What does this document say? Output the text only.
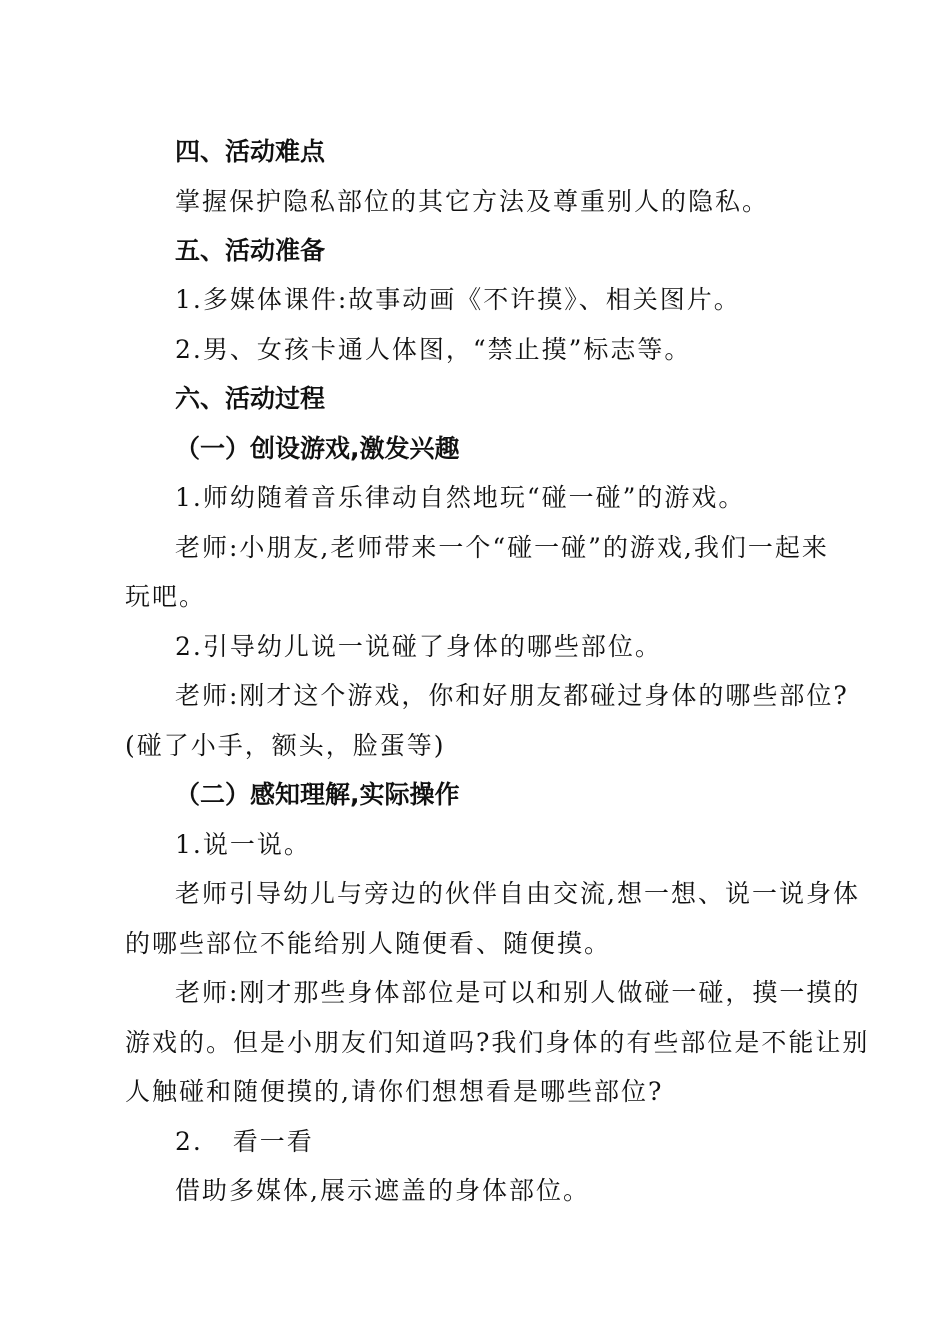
四、活动难点
掌握保护隐私部位的其它方法及尊重别人的隐私。
五、活动准备
1.多媒体课件:故事动画《不许摸》、相关图片。
2.男、女孩卡通人体图，“禁止摸”标志等。
六、活动过程
（一）创设游戏,激发兴趣
1.师幼随着音乐律动自然地玩“碰一碰”的游戏。
老师:小朋友,老师带来一个“碰一碰”的游戏,我们一起来
玩吧。
2.引导幼儿说一说碰了身体的哪些部位。
老师:刚才这个游戏，你和好朋友都碰过身体的哪些部位?
(碰了小手，额头，脸蛋等)
（二）感知理解,实际操作
1.说一说。
老师引导幼儿与旁边的伙伴自由交流,想一想、说一说身体
的哪些部位不能给别人随便看、随便摸。
老师:刚才那些身体部位是可以和别人做碰一碰，摸一摸的
游戏的。但是小朋友们知道吗?我们身体的有些部位是不能让别
人触碰和随便摸的,请你们想想看是哪些部位?
2.   看一看
借助多媒体,展示遮盖的身体部位。
